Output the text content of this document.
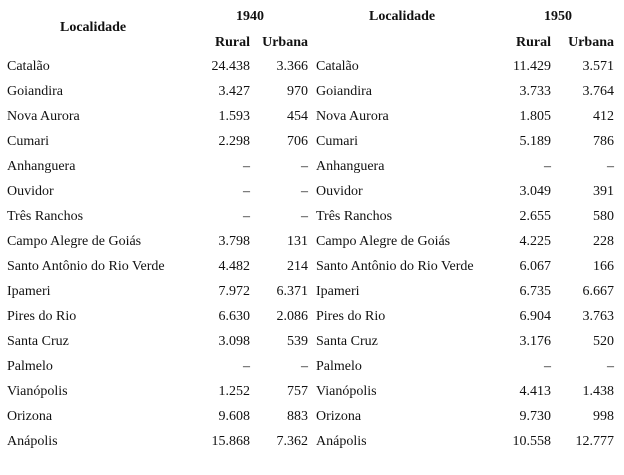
Localidade
1940
Rural Urbana
Localidade	1950
Rural Urbana
Catalão	24.438 3.366 Catalão	11.429 3.571
Goiandira	3.427	970 Goiandira	3.733 3.764
Nova Aurora	1.593	454 Nova Aurora	1.805	412
Cumari	2.298	706 Cumari	5.189	786
Anhanguera	–	– Anhanguera	–	–
Ouvidor	–	– Ouvidor	3.049	391
Três Ranchos	–	– Três Ranchos	2.655	580
Campo Alegre de Goiás	3.798	131 Campo Alegre de Goiás	4.225	228
Santo Antônio do Rio Verde	4.482	214 Santo Antônio do Rio Verde	6.067	166
Ipameri	7.972 6.371 Ipameri	6.735 6.667
Pires do Rio	6.630 2.086 Pires do Rio	6.904 3.763
Santa Cruz	3.098	539 Santa Cruz	3.176	520
Palmelo	–	– Palmelo	–	–
Vianópolis	1.252	757 Vianópolis	4.413 1.438
Orizona	9.608	883 Orizona	9.730	998
Anápolis	15.868 7.362 Anápolis	10.558 12.777
